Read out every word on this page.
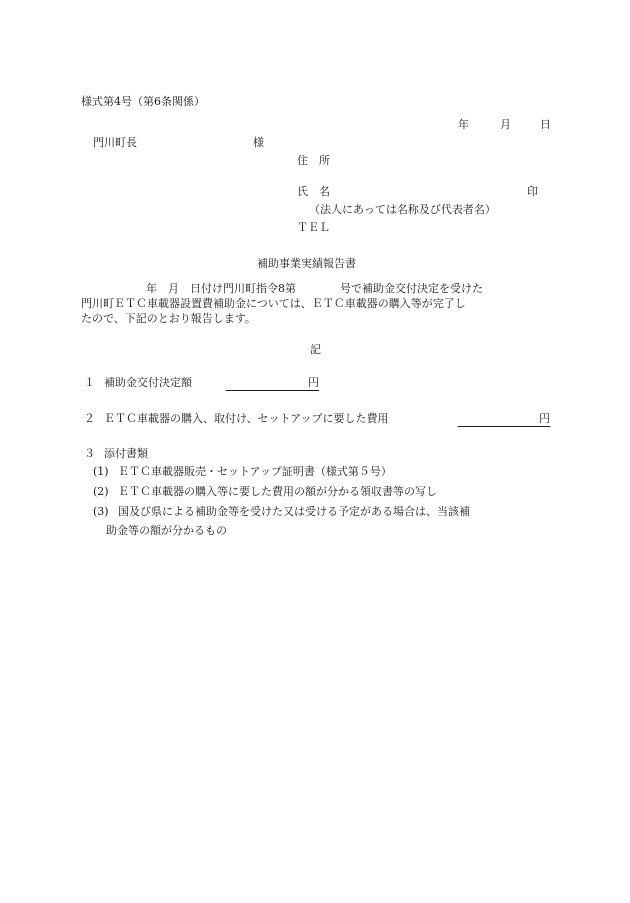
様式第4号（第6条関係）
年	月	日
門川町長	様
住　所
氏　名	印
（法人にあっては名称及び代表者名）
ＴＥＬ
補助事業実績報告書
年　月　日付け門川町指令8第　　　　号で補助金交付決定を受けた
門川町ＥＴＣ車載器設置費補助金については、ＥＴＣ車載器の購入等が完了し
たので、下記のとおり報告します。
記
１ 補助金交付決定額	円
２ ＥＴＣ車載器の購入、取付け、セットアップに要した費用	円
３ 添付書類
(1) ＥＴＣ車載器販売・セットアップ証明書（様式第５号）
(2) ＥＴＣ車載器の購入等に要した費用の額が分かる領収書等の写し
(3) 国及び県による補助金等を受けた又は受ける予定がある場合は、当該補
助金等の額が分かるもの
